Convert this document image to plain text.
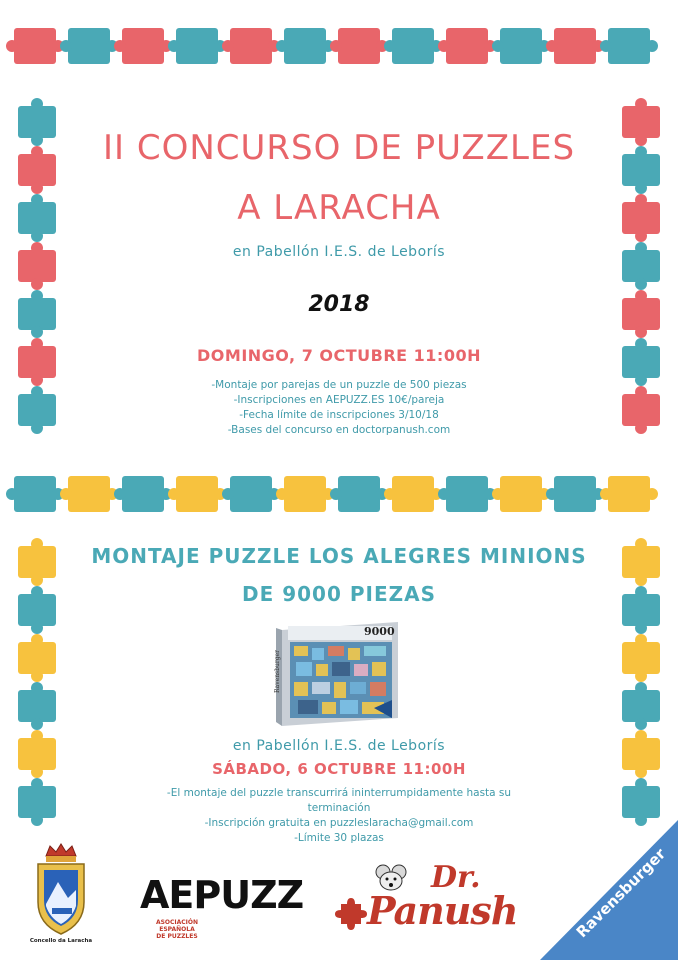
II CONCURSO DE PUZZLES
A LARACHA
en Pabellón I.E.S. de Leborís
2018
DOMINGO, 7 OCTUBRE 11:00H
-Montaje por parejas de un puzzle de 500 piezas
-Inscripciones en AEPUZZ.ES 10€/pareja
-Fecha límite de inscripciones 3/10/18
-Bases del concurso en doctorpanush.com
MONTAJE PUZZLE LOS ALEGRES MINIONS
DE 9000 PIEZAS
9000
Ravensburger
en Pabellón I.E.S. de Leborís
SÁBADO, 6 OCTUBRE 11:00H
-El montaje del puzzle transcurrirá ininterrumpidamente hasta su
terminación
-Inscripción gratuita en puzzleslaracha@gmail.com
-Límite 30 plazas
Concello da Laracha
AEPUZZ
ASOCIACIÓN ESPAÑOLA
DE PUZZLES
Dr.
Panush	Ravensburger
